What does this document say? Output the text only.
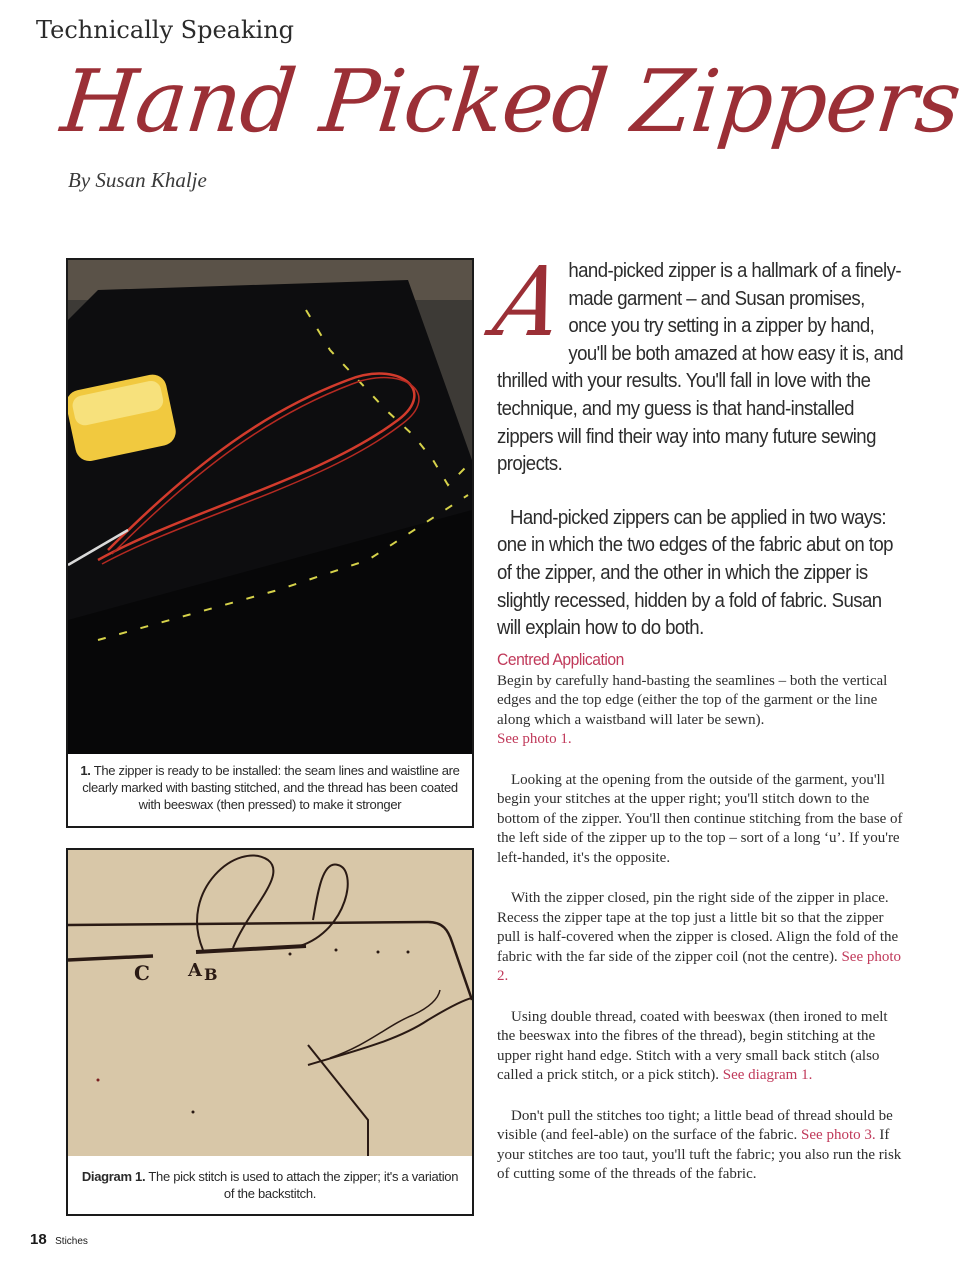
Technically Speaking
Hand Picked Zippers
By Susan Khalje
1. The zipper is ready to be installed: the seam lines and waistline are clearly marked with basting stitched, and the thread has been coated with beeswax (then pressed) to make it stronger
C A B
Diagram 1. The pick stitch is used to attach the zipper; it's a variation of the backstitch.

A
hand-picked zipper is a hallmark of a finely-made garment – and Susan promises, once you try setting in a zipper by hand, you'll be both amazed at how easy it is, and thrilled with your results. You'll fall in love with the technique, and my guess is that hand-installed zippers will find their way into many future sewing projects.

Hand-picked zippers can be applied in two ways: one in which the two edges of the fabric abut on top of the zipper, and the other in which the zipper is slightly recessed, hidden by a fold of fabric. Susan will explain how to do both.

Centred Application

Begin by carefully hand-basting the seamlines – both the vertical edges and the top edge (either the top of the garment or the line along which a waistband will later be sewn).
See photo 1.

Looking at the opening from the outside of the garment, you'll begin your stitches at the upper right; you'll stitch down to the bottom of the zipper. You'll then continue stitching from the base of the left side of the zipper up to the top – sort of a long ‘u’. If you're left-handed, it's the opposite.

With the zipper closed, pin the right side of the zipper in place. Recess the zipper tape at the top just a little bit so that the zipper pull is half-covered when the zipper is closed. Align the fold of the fabric with the far side of the zipper coil (not the centre). See photo 2.

Using double thread, coated with beeswax (then ironed to melt the beeswax into the fibres of the thread), begin stitching at the upper right hand edge. Stitch with a very small back stitch (also called a prick stitch, or a pick stitch). See diagram 1.

Don't pull the stitches too tight; a little bead of thread should be visible (and feel-able) on the surface of the fabric. See photo 3. If your stitches are too taut, you'll tuft the fabric; you also run the risk of cutting some of the threads of the fabric.

18 Stiches
